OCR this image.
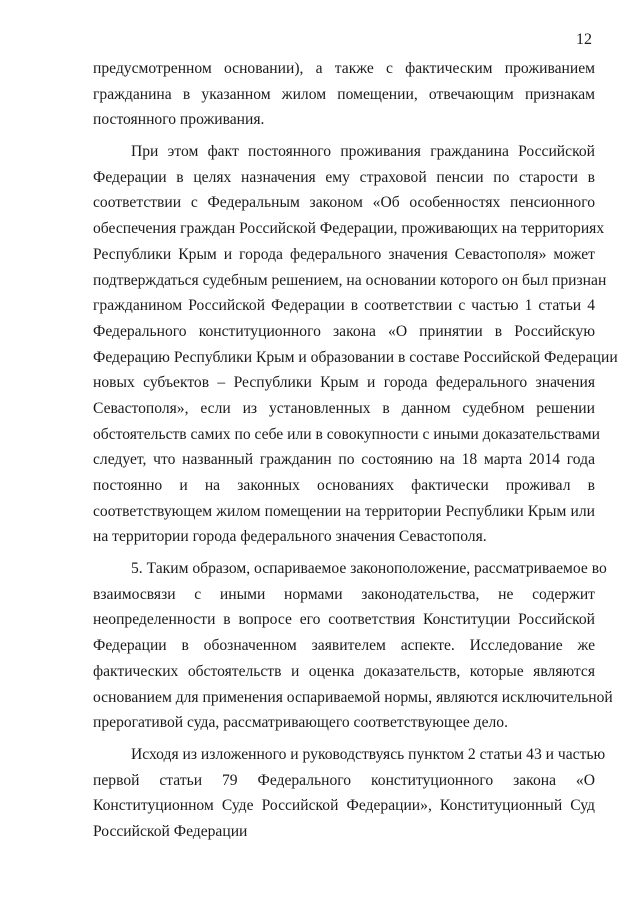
12
предусмотренном основании), а также с фактическим проживанием
гражданина в указанном жилом помещении, отвечающим признакам
постоянного проживания.
При этом факт постоянного проживания гражданина Российской
Федерации в целях назначения ему страховой пенсии по старости в
соответствии с Федеральным законом «Об особенностях пенсионного
обеспечения граждан Российской Федерации, проживающих на территориях
Республики Крым и города федерального значения Севастополя» может
подтверждаться судебным решением, на основании которого он был признан
гражданином Российской Федерации в соответствии с частью 1 статьи 4
Федерального конституционного закона «О принятии в Российскую
Федерацию Республики Крым и образовании в составе Российской Федерации
новых субъектов – Республики Крым и города федерального значения
Севастополя», если из установленных в данном судебном решении
обстоятельств самих по себе или в совокупности с иными доказательствами
следует, что названный гражданин по состоянию на 18 марта 2014 года
постоянно и на законных основаниях фактически проживал в
соответствующем жилом помещении на территории Республики Крым или
на территории города федерального значения Севастополя.
5. Таким образом, оспариваемое законоположение, рассматриваемое во
взаимосвязи с иными нормами законодательства, не содержит
неопределенности в вопросе его соответствия Конституции Российской
Федерации в обозначенном заявителем аспекте. Исследование же
фактических обстоятельств и оценка доказательств, которые являются
основанием для применения оспариваемой нормы, являются исключительной
прерогативой суда, рассматривающего соответствующее дело.
Исходя из изложенного и руководствуясь пунктом 2 статьи 43 и частью
первой статьи 79 Федерального конституционного закона «О
Конституционном Суде Российской Федерации», Конституционный Суд
Российской Федерации
